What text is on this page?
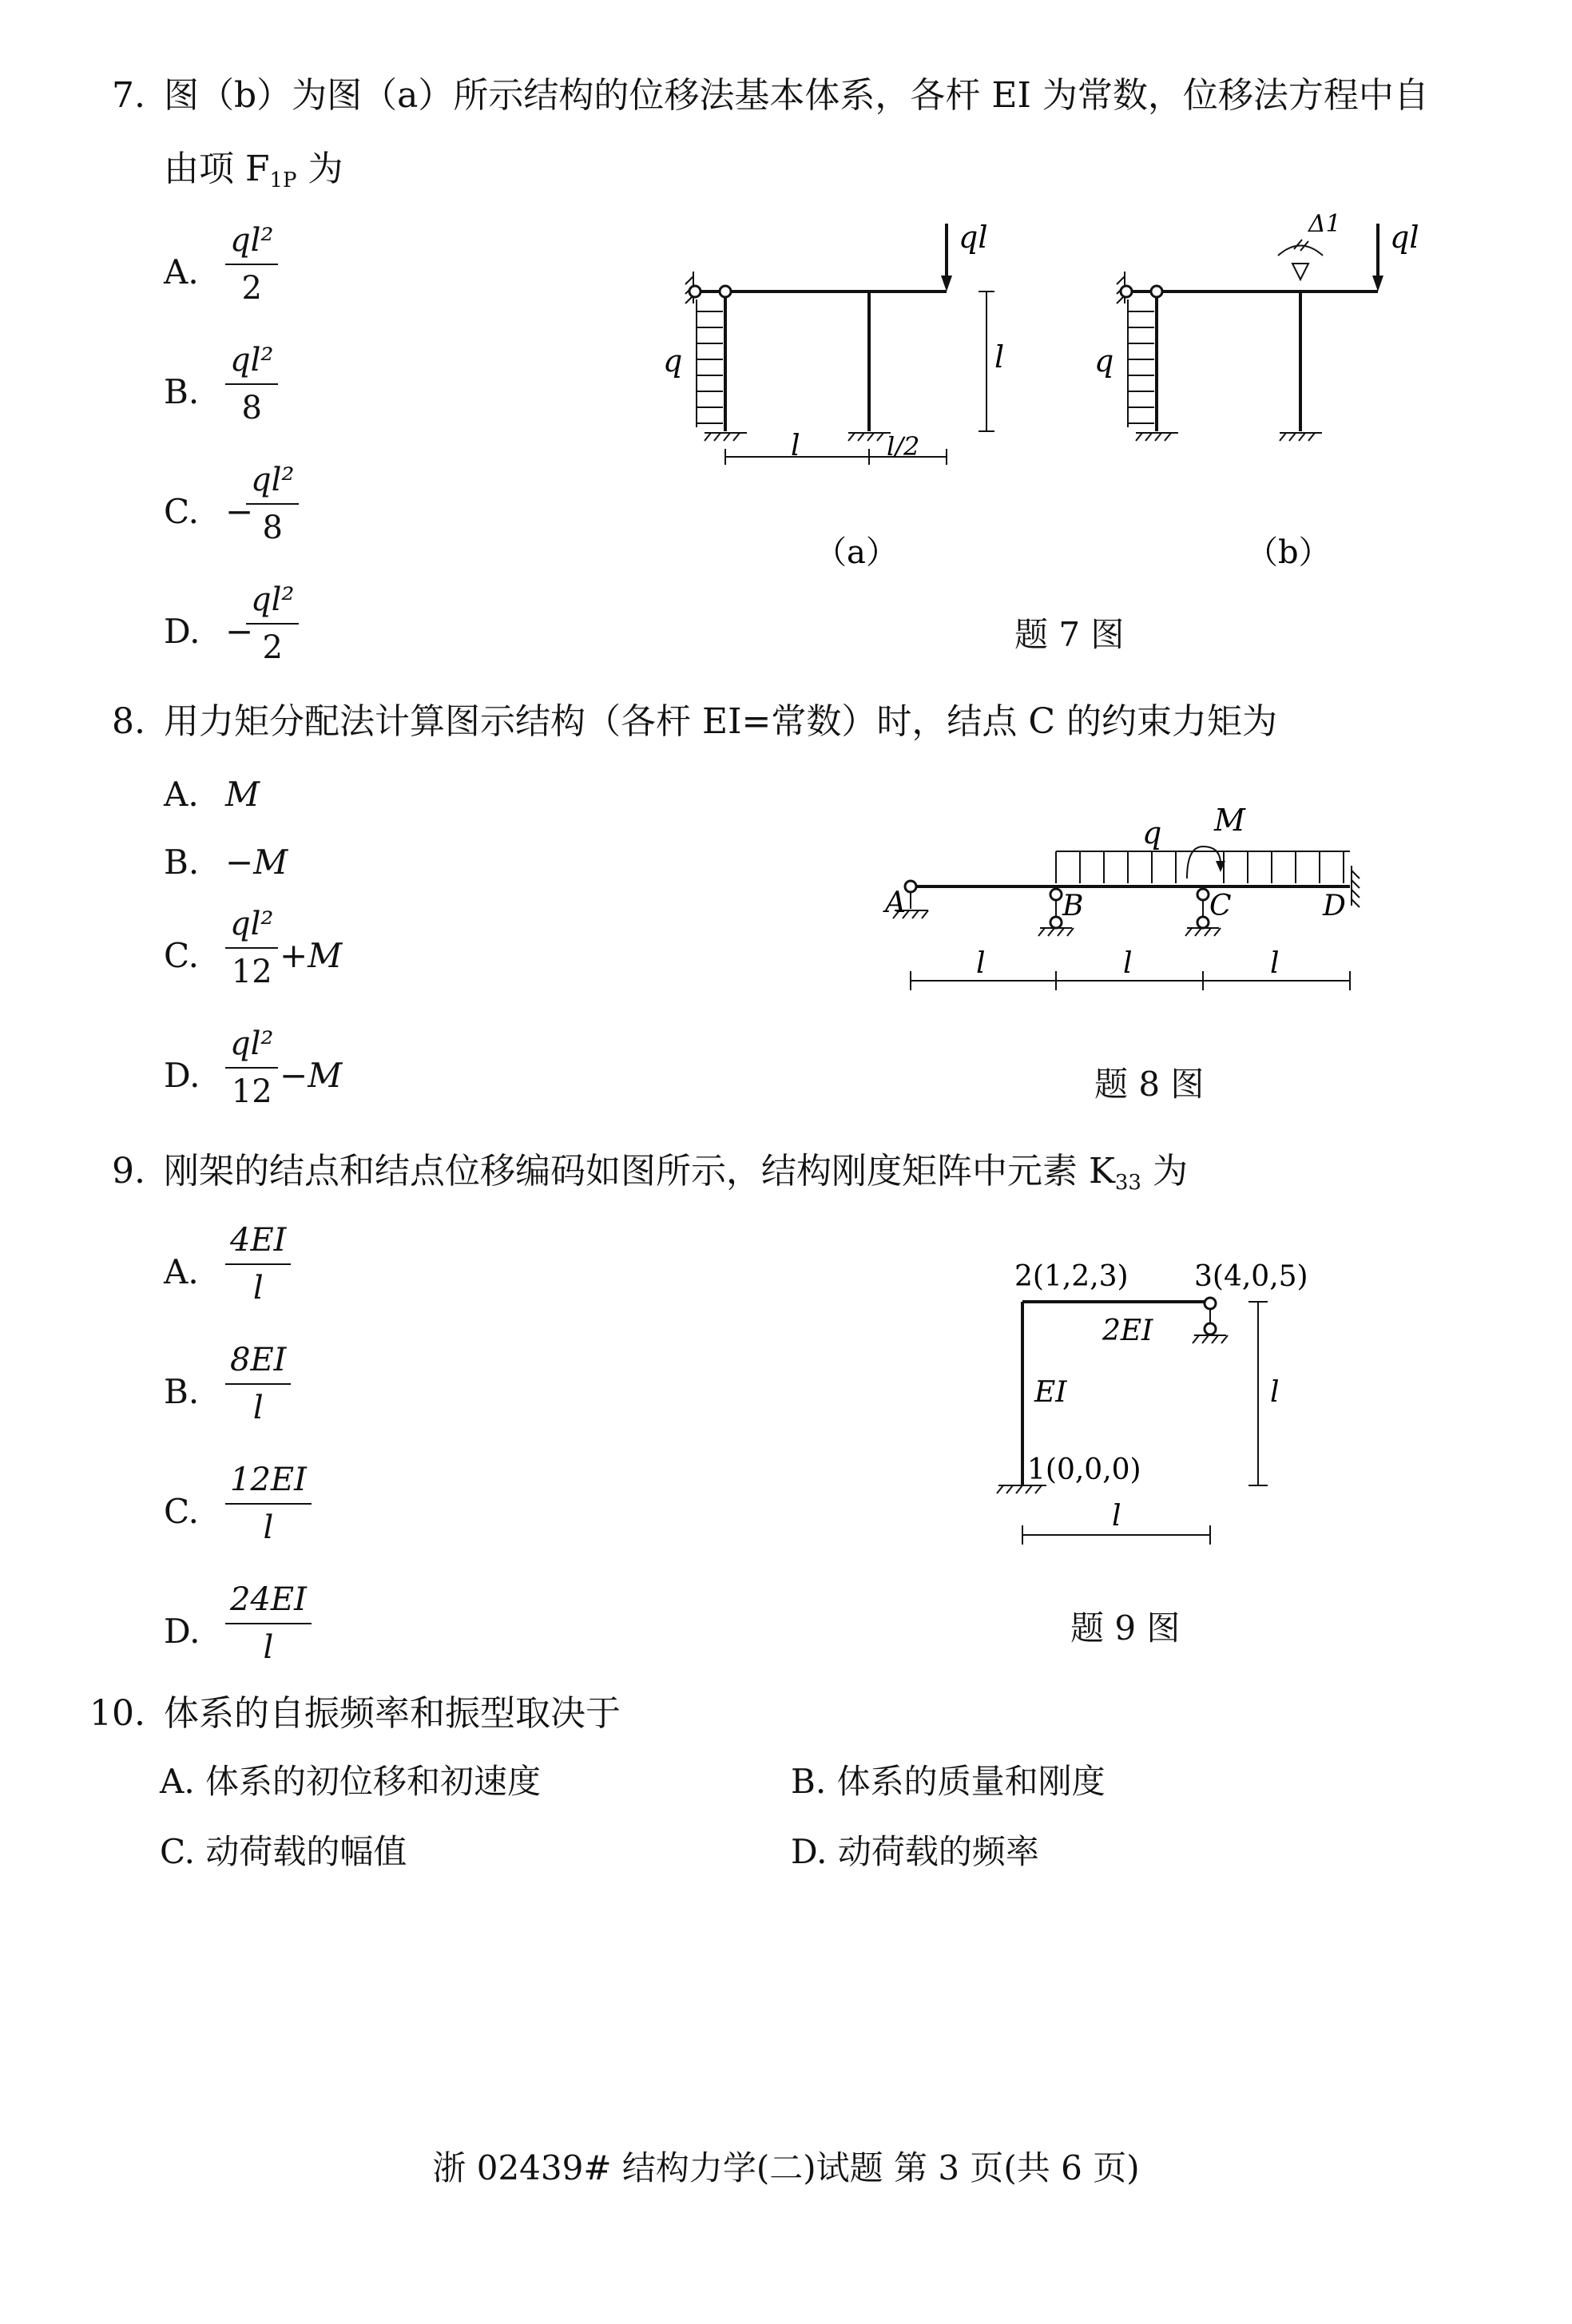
7. 图（b）为图（a）所示结构的位移法基本体系，各杆 EI 为常数，位移法方程中自
由项 $F_{1P}$ 为
A. $\frac{\text{ql²}}{2}$
B. $\frac{\text{ql²}}{8}$
C. −
$\frac{\text{ql²}}{8}$
D. −
$\frac{\text{ql²}}{2}$
ql
q	l
l	l/2
（a）
ql
q
Δ1
（b）
题 7 图
8. 用力矩分配法计算图示结构（各杆 EI=常数）时，结点 C 的约束力矩为
A. M
B. −M
C. $\frac{\text{ql²}}{12} +M$
D. $\frac{\text{ql²}}{12} -M$
q M
A	B	C	D
l	l	l
题 8 图
9. 刚架的结点和结点位移编码如图所示，结构刚度矩阵中元素 $K_{33}$ 为
A. $\frac{4EI}{l}$
B. $\frac{8EI}{l}$
C. $\frac{12EI}{l}$
D. $\frac{24EI}{l}$
2(1,2,3) 3(4,0,5)
2EI
EI
1(0,0,0)
l
l
题 9 图
10. 体系的自振频率和振型取决于
A. 体系的初位移和初速度	B. 体系的质量和刚度
C. 动荷载的幅值	D. 动荷载的频率
浙 02439# 结构力学(二)试题 第 3 页(共 6 页)
